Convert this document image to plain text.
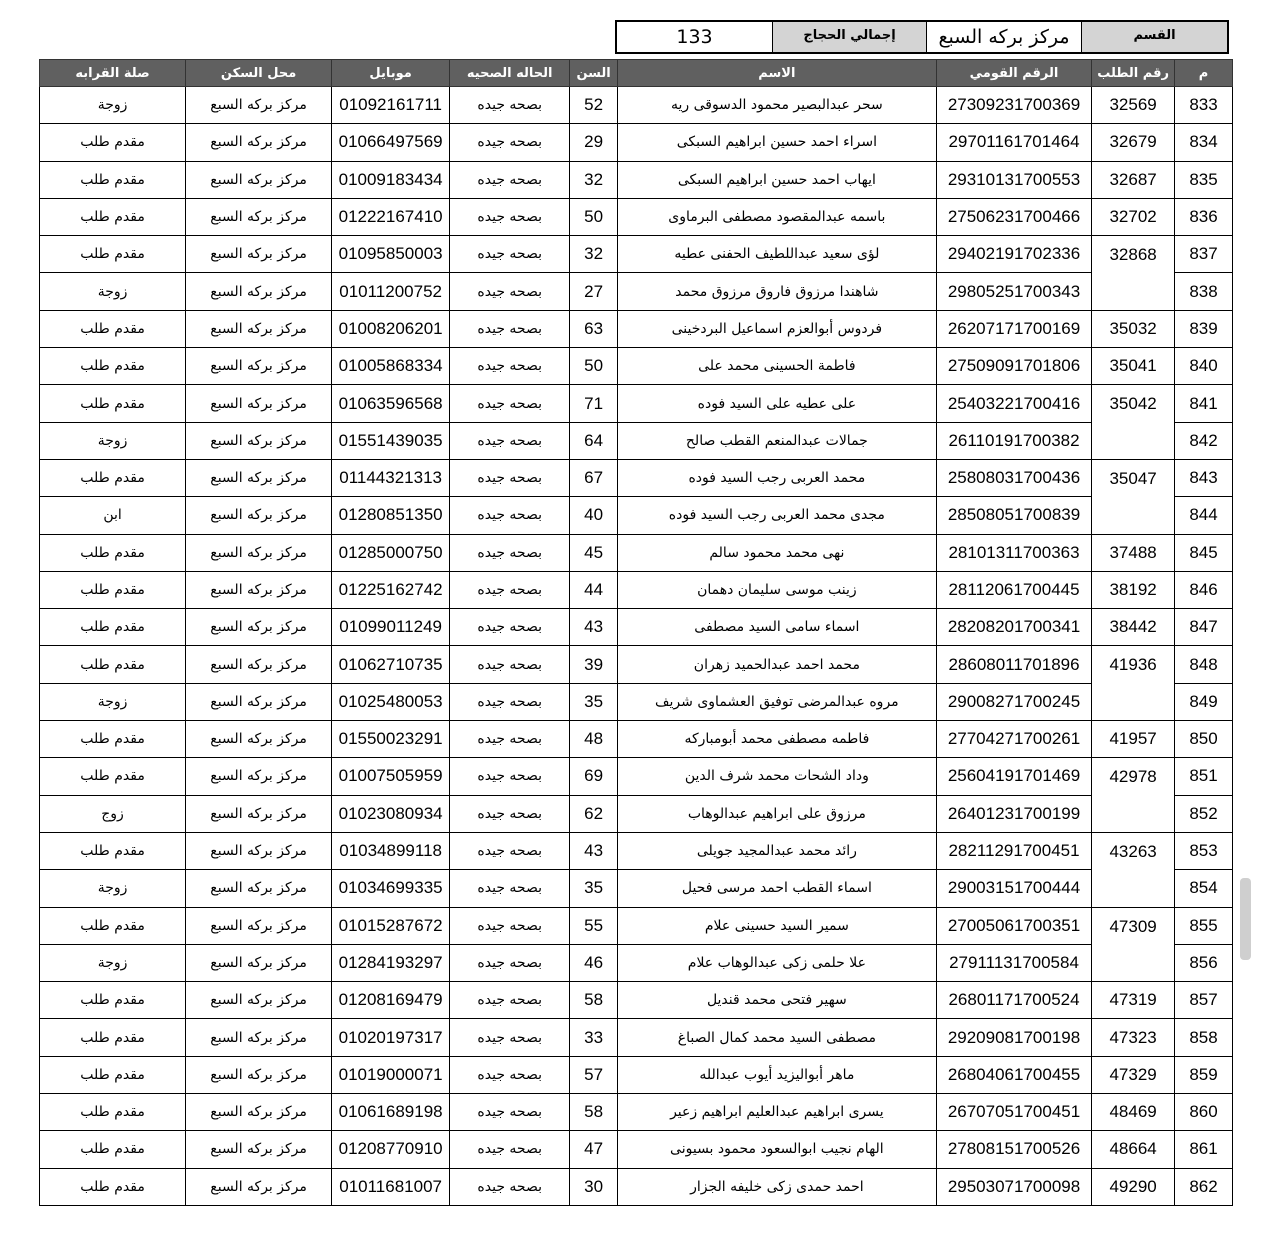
133	إجمالي الحجاج	مركز بركه السبع	القسم
م	رقم الطلب	الرقم القومي	الاسم	السن	الحاله الصحيه	موبايل	محل السكن	صلة القرابه
833	32569	27309231700369	سحر عبدالبصير محمود الدسوقى ريه	52	بصحه جيده	01092161711	مركز بركه السبع	زوجة
834	32679	29701161701464	اسراء احمد حسين ابراهيم السبكى	29	بصحه جيده	01066497569	مركز بركه السبع	مقدم طلب
835	32687	29310131700553	ايهاب احمد حسين ابراهيم السبكى	32	بصحه جيده	01009183434	مركز بركه السبع	مقدم طلب
836	32702	27506231700466	باسمه عبدالمقصود مصطفى البرماوى	50	بصحه جيده	01222167410	مركز بركه السبع	مقدم طلب
837	32868	29402191702336	لؤى سعيد عبداللطيف الحفنى عطيه	32	بصحه جيده	01095850003	مركز بركه السبع	مقدم طلب
838		29805251700343	شاهندا مرزوق فاروق مرزوق محمد	27	بصحه جيده	01011200752	مركز بركه السبع	زوجة
839	35032	26207171700169	فردوس أبوالعزم اسماعيل البردخينى	63	بصحه جيده	01008206201	مركز بركه السبع	مقدم طلب
840	35041	27509091701806	فاطمة الحسينى محمد على	50	بصحه جيده	01005868334	مركز بركه السبع	مقدم طلب
841	35042	25403221700416	على عطيه على السيد فوده	71	بصحه جيده	01063596568	مركز بركه السبع	مقدم طلب
842		26110191700382	جمالات عبدالمنعم القطب صالح	64	بصحه جيده	01551439035	مركز بركه السبع	زوجة
843	35047	25808031700436	محمد العربى رجب السيد فوده	67	بصحه جيده	01144321313	مركز بركه السبع	مقدم طلب
844		28508051700839	مجدى محمد العربى رجب السيد فوده	40	بصحه جيده	01280851350	مركز بركه السبع	ابن
845	37488	28101311700363	نهى محمد محمود سالم	45	بصحه جيده	01285000750	مركز بركه السبع	مقدم طلب
846	38192	28112061700445	زينب موسى سليمان دهمان	44	بصحه جيده	01225162742	مركز بركه السبع	مقدم طلب
847	38442	28208201700341	اسماء سامى السيد مصطفى	43	بصحه جيده	01099011249	مركز بركه السبع	مقدم طلب
848	41936	28608011701896	محمد احمد عبدالحميد زهران	39	بصحه جيده	01062710735	مركز بركه السبع	مقدم طلب
849		29008271700245	مروه عبدالمرضى توفيق العشماوى شريف	35	بصحه جيده	01025480053	مركز بركه السبع	زوجة
850	41957	27704271700261	فاطمه مصطفى محمد أبومباركه	48	بصحه جيده	01550023291	مركز بركه السبع	مقدم طلب
851	42978	25604191701469	وداد الشحات محمد شرف الدين	69	بصحه جيده	01007505959	مركز بركه السبع	مقدم طلب
852		26401231700199	مرزوق على ابراهيم عبدالوهاب	62	بصحه جيده	01023080934	مركز بركه السبع	زوج
853	43263	28211291700451	رائد محمد عبدالمجيد جويلى	43	بصحه جيده	01034899118	مركز بركه السبع	مقدم طلب
854		29003151700444	اسماء القطب احمد مرسى فحيل	35	بصحه جيده	01034699335	مركز بركه السبع	زوجة
855	47309	27005061700351	سمير السيد حسينى علام	55	بصحه جيده	01015287672	مركز بركه السبع	مقدم طلب
856		27911131700584	علا حلمى زكى عبدالوهاب علام	46	بصحه جيده	01284193297	مركز بركه السبع	زوجة
857	47319	26801171700524	سهير فتحى محمد قنديل	58	بصحه جيده	01208169479	مركز بركه السبع	مقدم طلب
858	47323	29209081700198	مصطفى السيد محمد كمال الصباغ	33	بصحه جيده	01020197317	مركز بركه السبع	مقدم طلب
859	47329	26804061700455	ماهر أبواليزيد أيوب عبدالله	57	بصحه جيده	01019000071	مركز بركه السبع	مقدم طلب
860	48469	26707051700451	يسرى ابراهيم عبدالعليم ابراهيم زعير	58	بصحه جيده	01061689198	مركز بركه السبع	مقدم طلب
861	48664	27808151700526	الهام نجيب ابوالسعود محمود بسيونى	47	بصحه جيده	01208770910	مركز بركه السبع	مقدم طلب
862	49290	29503071700098	احمد حمدى زكى خليفه الجزار	30	بصحه جيده	01011681007	مركز بركه السبع	مقدم طلب
